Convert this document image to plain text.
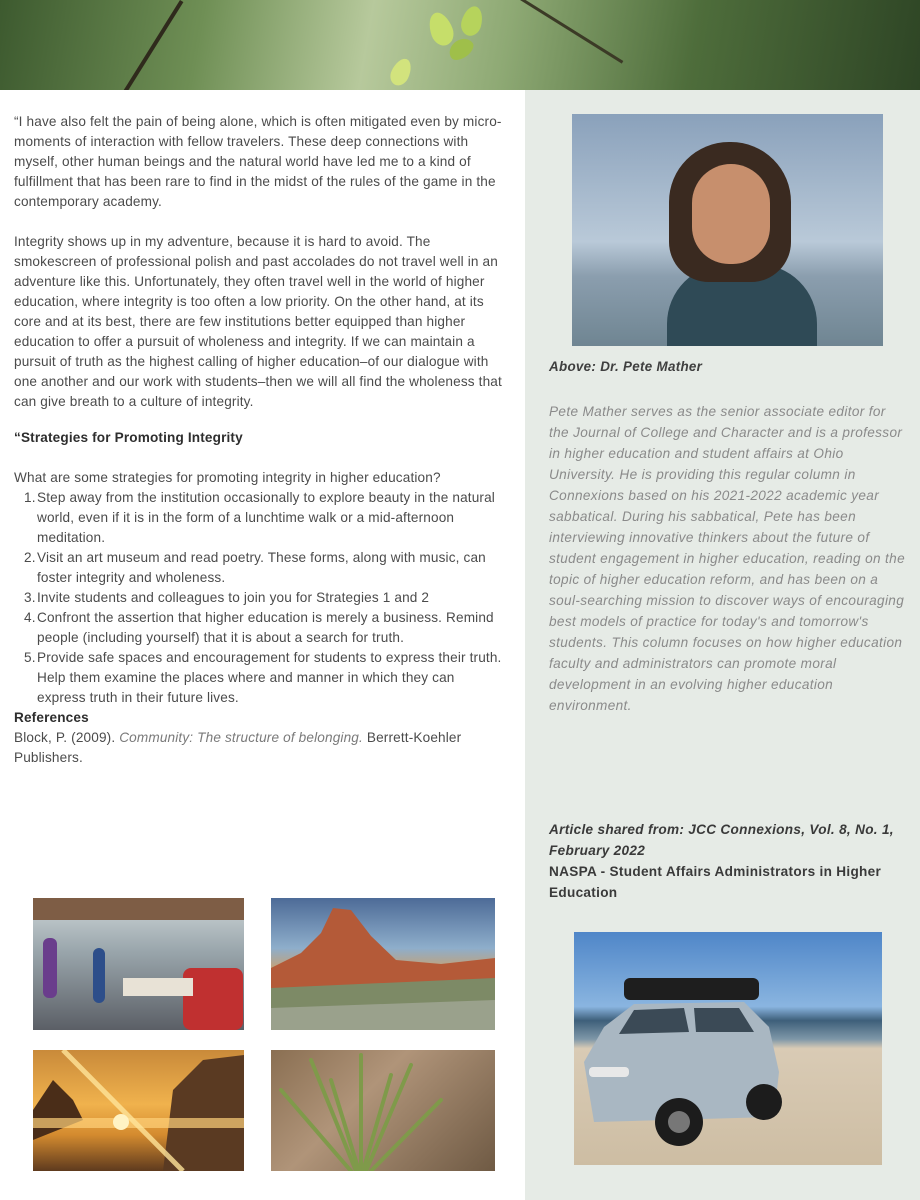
“I have also felt the pain of being alone, which is often mitigated even by micro-moments of interaction with fellow travelers. These deep connections with myself, other human beings and the natural world have led me to a kind of fulfillment that has been rare to find in the midst of the rules of the game in the contemporary academy.

Integrity shows up in my adventure, because it is hard to avoid. The smokescreen of professional polish and past accolades do not travel well in an adventure like this. Unfortunately, they often travel well in the world of higher education, where integrity is too often a low priority. On the other hand, at its core and at its best, there are few institutions better equipped than higher education to offer a pursuit of wholeness and integrity. If we can maintain a pursuit of truth as the highest calling of higher education–of our dialogue with one another and our work with students–then we will all find the wholeness that can give breath to a culture of integrity.

“Strategies for Promoting Integrity

What are some strategies for promoting integrity in higher education?

1. Step away from the institution occasionally to explore beauty in the natural world, even if it is in the form of a lunchtime walk or a mid-afternoon meditation.
2. Visit an art museum and read poetry. These forms, along with music, can foster integrity and wholeness.
3. Invite students and colleagues to join you for Strategies 1 and 2
4. Confront the assertion that higher education is merely a business. Remind people (including yourself) that it is about a search for truth.
5. Provide safe spaces and encouragement for students to express their truth. Help them examine the places where and manner in which they can express truth in their future lives.

References

Block, P. (2009). Community: The structure of belonging. Berrett-Koehler Publishers.

Above: Dr. Pete Mather

Pete Mather serves as the senior associate editor for the Journal of College and Character and is a professor in higher education and student affairs at Ohio University. He is providing this regular column in Connexions based on his 2021-2022 academic year sabbatical. During his sabbatical, Pete has been interviewing innovative thinkers about the future of student engagement in higher education, reading on the topic of higher education reform, and has been on a soul-searching mission to discover ways of encouraging best models of practice for today's and tomorrow's students. This column focuses on how higher education faculty and administrators can promote moral development in an evolving higher education environment.

Article shared from: JCC Connexions, Vol. 8, No. 1, February 2022
NASPA - Student Affairs Administrators in Higher Education
